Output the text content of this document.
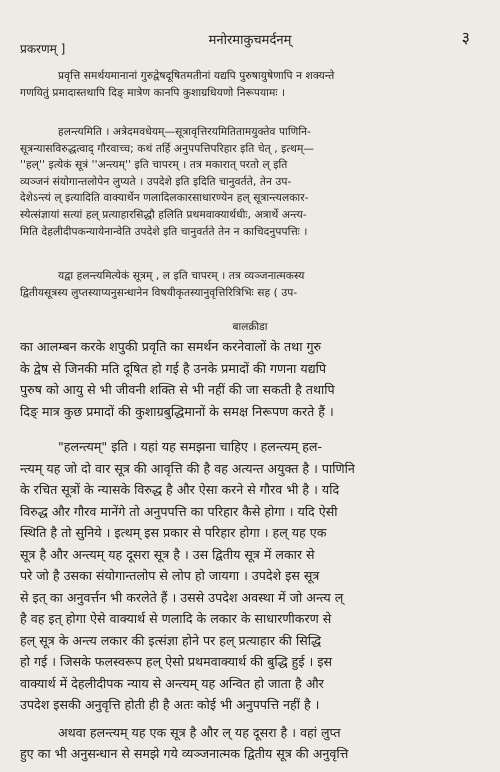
प्रकरणम् ]
मनोरमाकुचमर्दनम्	३
प्रवृत्ति समर्थयमानानां गुरुद्वेषदूषितमतीनां यद्यपि पुरुषायुषेणापि न शक्यन्ते
गणयितुं प्रमादास्तथापि दिङ् मात्रेण कानपि कुशाग्रधियणो निरूपयामः ।
हलन्त्यमिति । अत्रेदमवधेयम्—सूत्रावृत्तिरयमितितामयुक्तेव पाणिनि-
सूत्रन्यासविरुद्धत्वाद् गौरवाच्च; कथं तर्हि अनुपपत्तिपरिहार इति चेत् , इत्थम्—
''हल्'' इत्येकं सूत्रं ''अन्त्यम्'' इति चापरम् । तत्र मकारात् परतो ल् इति
व्यञ्जनं संयोगान्तलोपेन लुप्यते । उपदेशे इति इदिति चानुवर्तते, तेन उप-
देशेऽन्त्यं ल् इत्यादिति वाक्यार्थेन णलादिलकारसाधारण्येन हल् सूत्रान्त्यलकार-
स्येत्संज्ञायां सत्यां हल् प्रत्याहारसिद्धौ हलिति प्रथमवाक्यार्थधीः, अत्रार्थे अन्त्य-
मिति देहलीदीपकन्यायेनान्वेति उपदेशे इति चानुवर्तते तेन न काचिदनुपपत्तिः ।
यद्वा हलन्त्यमित्येकं सूत्रम् , ल इति चापरम् । तत्र व्यञ्जनात्मकस्य
द्वितीयसूत्रस्य लुप्तस्याप्यनुसन्धानेन विषयीकृतस्यानुवृत्तिरित्रिभिः सह ( उप-
बालक्रीडा
का आलम्बन करके शपुकी प्रवृति का समर्थन करनेवालों के तथा गुरु
के द्वेष से जिनकी मति दूषित हो गई है उनके प्रमादों की गणना यद्यपि
पुरुष को आयु से भी जीवनी शक्ति से भी नहीं की जा सकती है तथापि
दिङ् मात्र कुछ प्रमादों की कुशाग्रबुद्धिमानों के समक्ष निरूपण करते हैं ।
"हलन्त्यम्" इति । यहां यह समझना चाहिए । हलन्त्यम् हल-
न्त्यम् यह जो दो वार सूत्र की आवृत्ति की है वह अत्यन्त अयुक्त है । पाणिनि
के रचित सूत्रों के न्यासके विरुद्ध है और ऐसा करने से गौरव भी है । यदि
विरुद्ध और गौरव मानेंगे तो अनुपपत्ति का परिहार कैसे होगा । यदि ऐसी
स्थिति है तो सुनिये । इत्थम् इस प्रकार से परिहार होगा । हल् यह एक
सूत्र है और अन्त्यम् यह दूसरा सूत्र है । उस द्वितीय सूत्र में लकार से
परे जो है उसका संयोगान्तलोप से लोप हो जायगा । उपदेशे इस सूत्र
से इत् का अनुवर्त्तन भी करलेते हैं । उससे उपदेश अवस्था में जो अन्त्य ल्
है वह इत् होगा ऐसे वाक्यार्थ से णलादि के लकार के साधारणीकरण से
हल् सूत्र के अन्त्य लकार की इत्संज्ञा होने पर हल् प्रत्याहार की सिद्धि
हो गई । जिसके फलस्वरूप हल् ऐसो प्रथमवाक्यार्थ की बुद्धि हुई । इस
वाक्यार्थ में देहलीदीपक न्याय से अन्त्यम् यह अन्वित हो जाता है और
उपदेश इसकी अनुवृत्ति होती ही है अतः कोई भी अनुपपत्ति नहीं है ।
अथवा हलन्त्यम् यह एक सूत्र है और ल् यह दूसरा है । वहां लुप्त
हुए का भी अनुसन्धान से समझे गये व्यञ्जनात्मक द्वितीय सूत्र की अनुवृत्ति
